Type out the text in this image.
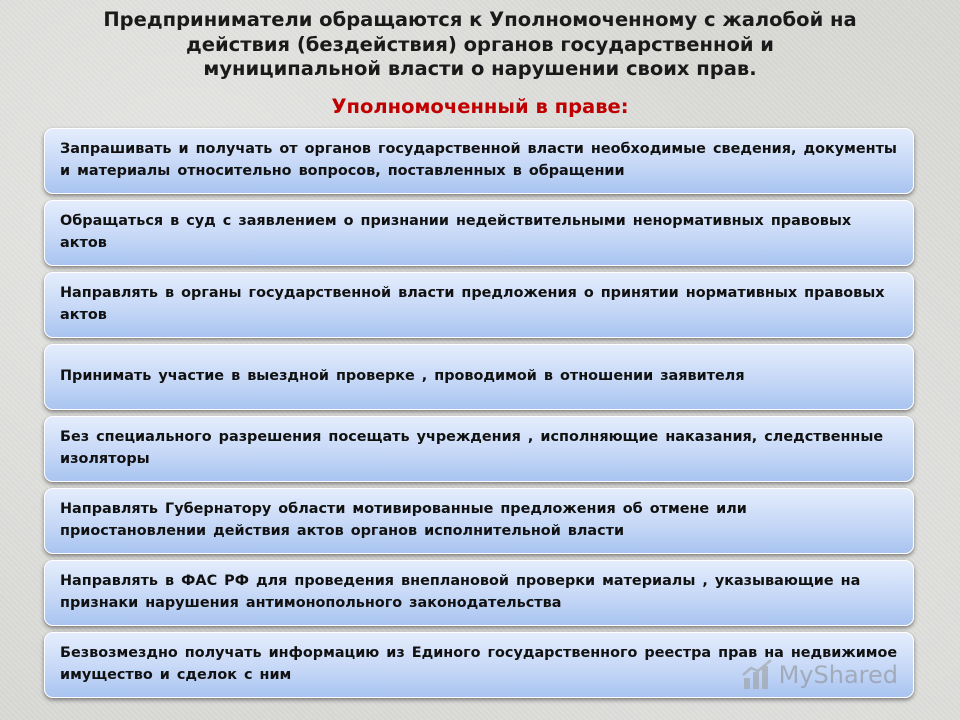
Предприниматели обращаются к Уполномоченному с жалобой на
действия (бездействия) органов государственной и
муниципальной власти о нарушении своих прав.
Уполномоченный в праве:
Запрашивать и получать от органов государственной власти необходимые сведения, документы и материалы относительно вопросов, поставленных в обращении
Обращаться в суд с заявлением о признании недействительными ненормативных правовых актов
Направлять в органы государственной власти предложения о принятии нормативных правовых актов
Принимать участие в выездной проверке , проводимой в отношении заявителя
Без специального разрешения посещать учреждения , исполняющие наказания, следственные изоляторы
Направлять Губернатору области мотивированные предложения об отмене или приостановлении действия актов органов исполнительной власти
Направлять в ФАС РФ для проведения внеплановой проверки материалы , указывающие на признаки нарушения антимонопольного законодательства
Безвозмездно получать информацию из Единого государственного реестра прав на недвижимое имущество и сделок с ним	MyShared
